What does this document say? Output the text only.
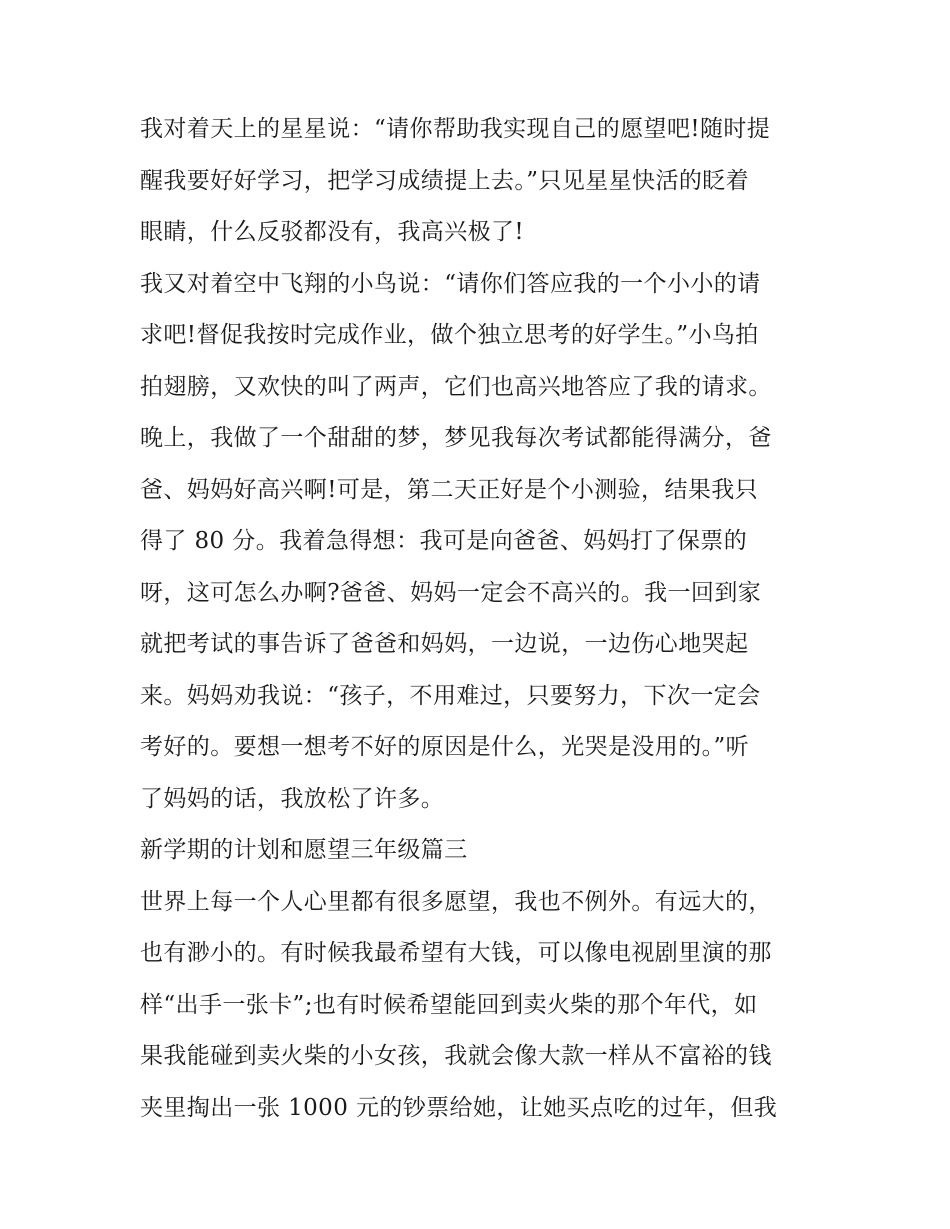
我对着天上的星星说：“请你帮助我实现自己的愿望吧!随时提
醒我要好好学习，把学习成绩提上去。”只见星星快活的眨着
眼睛，什么反驳都没有，我高兴极了!
我又对着空中飞翔的小鸟说：“请你们答应我的一个小小的请
求吧!督促我按时完成作业，做个独立思考的好学生。”小鸟拍
拍翅膀，又欢快的叫了两声，它们也高兴地答应了我的请求。
晚上，我做了一个甜甜的梦，梦见我每次考试都能得满分，爸
爸、妈妈好高兴啊!可是，第二天正好是个小测验，结果我只
得了 80 分。我着急得想：我可是向爸爸、妈妈打了保票的
呀，这可怎么办啊?爸爸、妈妈一定会不高兴的。我一回到家
就把考试的事告诉了爸爸和妈妈，一边说，一边伤心地哭起
来。妈妈劝我说：“孩子，不用难过，只要努力，下次一定会
考好的。要想一想考不好的原因是什么，光哭是没用的。”听
了妈妈的话，我放松了许多。
新学期的计划和愿望三年级篇三
世界上每一个人心里都有很多愿望，我也不例外。有远大的，
也有渺小的。有时候我最希望有大钱，可以像电视剧里演的那
样“出手一张卡”;也有时候希望能回到卖火柴的那个年代，如
果我能碰到卖火柴的小女孩，我就会像大款一样从不富裕的钱
夹里掏出一张 1000 元的钞票给她，让她买点吃的过年，但我
